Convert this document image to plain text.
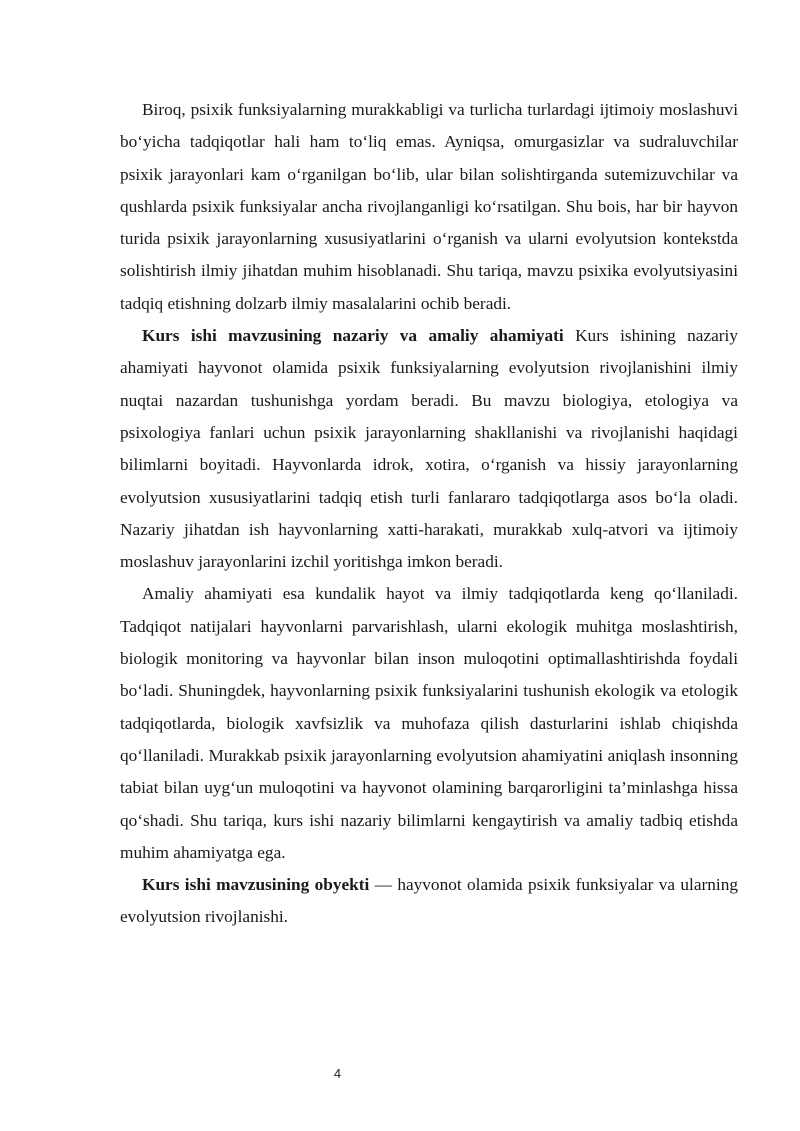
Biroq, psixik funksiyalarning murakkabligi va turlicha turlardagi ijtimoiy moslashuvi bo‘yicha tadqiqotlar hali ham to‘liq emas. Ayniqsa, omurgasizlar va sudraluvchilar psixik jarayonlari kam o‘rganilgan bo‘lib, ular bilan solishtirganda sutemizuvchilar va qushlarda psixik funksiyalar ancha rivojlanganligi ko‘rsatilgan. Shu bois, har bir hayvon turida psixik jarayonlarning xususiyatlarini o‘rganish va ularni evolyutsion kontekstda solishtirish ilmiy jihatdan muhim hisoblanadi. Shu tariqa, mavzu psixika evolyutsiyasini tadqiq etishning dolzarb ilmiy masalalarini ochib beradi.

Kurs ishi mavzusining nazariy va amaliy ahamiyati Kurs ishining nazariy ahamiyati hayvonot olamida psixik funksiyalarning evolyutsion rivojlanishini ilmiy nuqtai nazardan tushunishga yordam beradi. Bu mavzu biologiya, etologiya va psixologiya fanlari uchun psixik jarayonlarning shakllanishi va rivojlanishi haqidagi bilimlarni boyitadi. Hayvonlarda idrok, xotira, o‘rganish va hissiy jarayonlarning evolyutsion xususiyatlarini tadqiq etish turli fanlararo tadqiqotlarga asos bo‘la oladi. Nazariy jihatdan ish hayvonlarning xatti-harakati, murakkab xulq-atvori va ijtimoiy moslashuv jarayonlarini izchil yoritishga imkon beradi.

Amaliy ahamiyati esa kundalik hayot va ilmiy tadqiqotlarda keng qo‘llaniladi. Tadqiqot natijalari hayvonlarni parvarishlash, ularni ekologik muhitga moslashtirish, biologik monitoring va hayvonlar bilan inson muloqotini optimallashtirishda foydali bo‘ladi. Shuningdek, hayvonlarning psixik funksiyalarini tushunish ekologik va etologik tadqiqotlarda, biologik xavfsizlik va muhofaza qilish dasturlarini ishlab chiqishda qo‘llaniladi. Murakkab psixik jarayonlarning evolyutsion ahamiyatini aniqlash insonning tabiat bilan uyg‘un muloqotini va hayvonot olamining barqarorligini ta’minlashga hissa qo‘shadi. Shu tariqa, kurs ishi nazariy bilimlarni kengaytirish va amaliy tadbiq etishda muhim ahamiyatga ega.

Kurs ishi mavzusining obyekti — hayvonot olamida psixik funksiyalar va ularning evolyutsion rivojlanishi.

4
